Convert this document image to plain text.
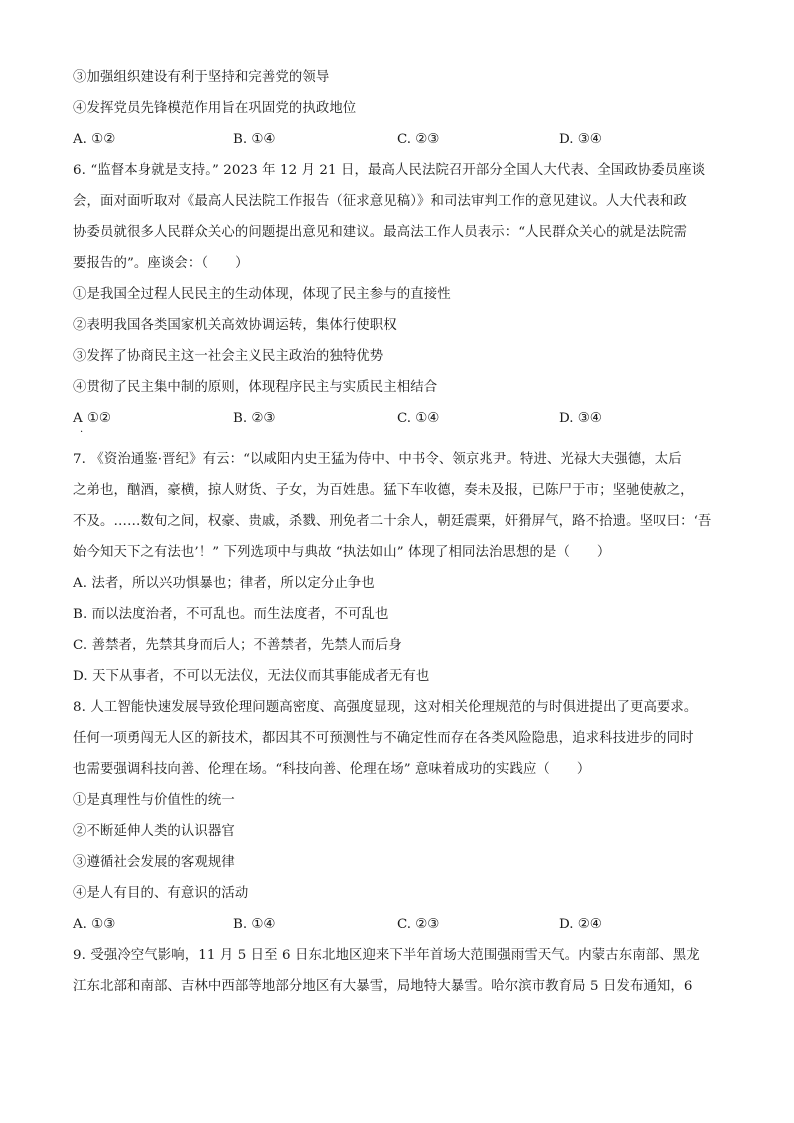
③加强组织建设有利于坚持和完善党的领导
④发挥党员先锋模范作用旨在巩固党的执政地位
A. ①②	B. ①④	C. ②③	D. ③④
6. “监督本身就是支持。” 2023 年 12 月 21 日，最高人民法院召开部分全国人大代表、全国政协委员座谈
会，面对面听取对《最高人民法院工作报告（征求意见稿）》和司法审判工作的意见建议。人大代表和政
协委员就很多人民群众关心的问题提出意见和建议。最高法工作人员表示：“人民群众关心的就是法院需
要报告的”。座谈会：（　　）
①是我国全过程人民民主的生动体现，体现了民主参与的直接性
②表明我国各类国家机关高效协调运转，集体行使职权
③发挥了协商民主这一社会主义民主政治的独特优势
④贯彻了民主集中制的原则，体现程序民主与实质民主相结合
A ①②	B. ②③	C. ①④	D. ③④
·
7. 《资治通鉴·晋纪》有云：“以咸阳内史王猛为侍中、中书令、领京兆尹。特进、光禄大夫强德，太后
之弟也，酗酒，豪横，掠人财货、子女，为百姓患。猛下车收德，奏未及报，已陈尸于市；坚驰使赦之，
不及。……数旬之间，权豪、贵戚，杀戮、刑免者二十余人，朝廷震栗，奸猾屏气，路不拾遗。坚叹曰：‘吾
始今知天下之有法也’！” 下列选项中与典故 “执法如山” 体现了相同法治思想的是（　　）
A. 法者，所以兴功惧暴也；律者，所以定分止争也
B. 而以法度治者，不可乱也。而生法度者，不可乱也
C. 善禁者，先禁其身而后人；不善禁者，先禁人而后身
D. 天下从事者，不可以无法仪，无法仪而其事能成者无有也
8. 人工智能快速发展导致伦理问题高密度、高强度显现，这对相关伦理规范的与时俱进提出了更高要求。
任何一项勇闯无人区的新技术，都因其不可预测性与不确定性而存在各类风险隐患，追求科技进步的同时
也需要强调科技向善、伦理在场。“科技向善、伦理在场” 意味着成功的实践应（　　）
①是真理性与价值性的统一
②不断延伸人类的认识器官
③遵循社会发展的客观规律
④是人有目的、有意识的活动
A. ①③	B. ①④	C. ②③	D. ②④
9. 受强冷空气影响，11 月 5 日至 6 日东北地区迎来下半年首场大范围强雨雪天气。内蒙古东南部、黑龙
江东北部和南部、吉林中西部等地部分地区有大暴雪，局地特大暴雪。哈尔滨市教育局 5 日发布通知，6
